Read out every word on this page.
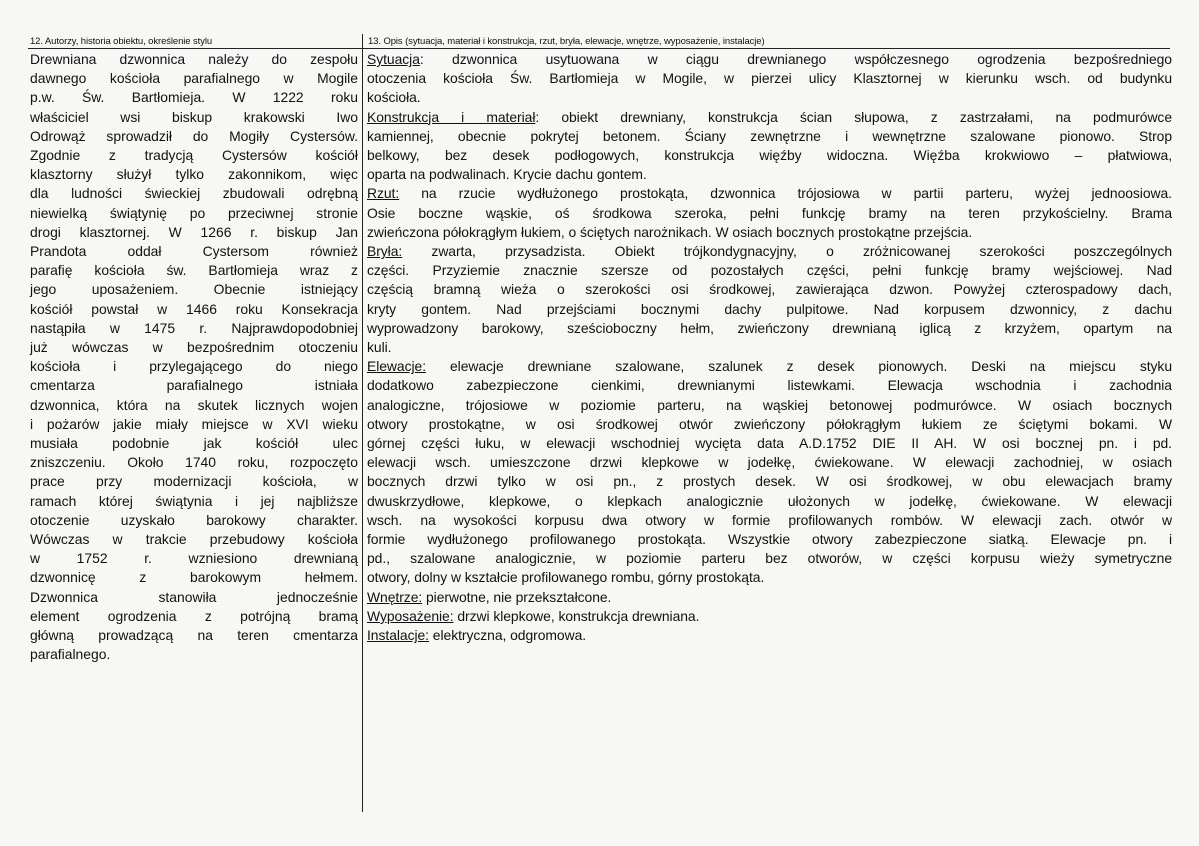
12. Autorzy, historia obiektu, określenie stylu	13. Opis (sytuacja, materiał i konstrukcja, rzut, bryła, elewacje, wnętrze, wyposażenie, instalacje)
Drewniana dzwonnica należy do zespołu
dawnego kościoła parafialnego w Mogile
p.w. Św. Bartłomieja. W 1222 roku
właściciel wsi biskup krakowski Iwo
Odrowąż sprowadził do Mogiły Cystersów.
Zgodnie z tradycją Cystersów kościół
klasztorny służył tylko zakonnikom, więc
dla ludności świeckiej zbudowali odrębną
niewielką świątynię po przeciwnej stronie
drogi klasztornej. W 1266 r. biskup Jan
Prandota oddał Cystersom również
parafię kościoła św. Bartłomieja wraz z
jego uposażeniem. Obecnie istniejący
kościół powstał w 1466 roku Konsekracja
nastąpiła w 1475 r. Najprawdopodobniej
już wówczas w bezpośrednim otoczeniu
kościoła i przylegającego do niego
cmentarza parafialnego istniała
dzwonnica, która na skutek licznych wojen
i pożarów jakie miały miejsce w XVI wieku
musiała podobnie jak kościół ulec
zniszczeniu. Około 1740 roku, rozpoczęto
prace przy modernizacji kościoła, w
ramach której świątynia i jej najbliższe
otoczenie uzyskało barokowy charakter.
Wówczas w trakcie przebudowy kościoła
w 1752 r. wzniesiono drewnianą
dzwonnicę z barokowym hełmem.
Dzwonnica stanowiła jednocześnie
element ogrodzenia z potrójną bramą
główną prowadzącą na teren cmentarza
parafialnego.
Sytuacja: dzwonnica usytuowana w ciągu drewnianego współczesnego ogrodzenia bezpośredniego
otoczenia kościoła Św. Bartłomieja w Mogile, w pierzei ulicy Klasztornej w kierunku wsch. od budynku
kościoła.
Konstrukcja i materiał: obiekt drewniany, konstrukcja ścian słupowa, z zastrzałami, na podmurówce
kamiennej, obecnie pokrytej betonem. Ściany zewnętrzne i wewnętrzne szalowane pionowo. Strop
belkowy, bez desek podłogowych, konstrukcja więźby widoczna. Więźba krokwiowo – płatwiowa,
oparta na podwalinach. Krycie dachu gontem.
Rzut: na rzucie wydłużonego prostokąta, dzwonnica trójosiowa w partii parteru, wyżej jednoosiowa.
Osie boczne wąskie, oś środkowa szeroka, pełni funkcję bramy na teren przykościelny. Brama
zwieńczona półokrągłym łukiem, o ściętych narożnikach. W osiach bocznych prostokątne przejścia.
Bryła: zwarta, przysadzista. Obiekt trójkondygnacyjny, o zróżnicowanej szerokości poszczególnych
części. Przyziemie znacznie szersze od pozostałych części, pełni funkcję bramy wejściowej. Nad
częścią bramną wieża o szerokości osi środkowej, zawierająca dzwon. Powyżej czterospadowy dach,
kryty gontem. Nad przejściami bocznymi dachy pulpitowe. Nad korpusem dzwonnicy, z dachu
wyprowadzony barokowy, sześcioboczny hełm, zwieńczony drewnianą iglicą z krzyżem, opartym na
kuli.
Elewacje: elewacje drewniane szalowane, szalunek z desek pionowych. Deski na miejscu styku
dodatkowo zabezpieczone cienkimi, drewnianymi listewkami. Elewacja wschodnia i zachodnia
analogiczne, trójosiowe w poziomie parteru, na wąskiej betonowej podmurówce. W osiach bocznych
otwory prostokątne, w osi środkowej otwór zwieńczony półokrągłym łukiem ze ściętymi bokami. W
górnej części łuku, w elewacji wschodniej wycięta data A.D.1752 DIE II AH. W osi bocznej pn. i pd.
elewacji wsch. umieszczone drzwi klepkowe w jodełkę, ćwiekowane. W elewacji zachodniej, w osiach
bocznych drzwi tylko w osi pn., z prostych desek. W osi środkowej, w obu elewacjach bramy
dwuskrzydłowe, klepkowe, o klepkach analogicznie ułożonych w jodełkę, ćwiekowane. W elewacji
wsch. na wysokości korpusu dwa otwory w formie profilowanych rombów. W elewacji zach. otwór w
formie wydłużonego profilowanego prostokąta. Wszystkie otwory zabezpieczone siatką. Elewacje pn. i
pd., szalowane analogicznie, w poziomie parteru bez otworów, w części korpusu wieży symetryczne
otwory, dolny w kształcie profilowanego rombu, górny prostokąta.
Wnętrze: pierwotne, nie przekształcone.
Wyposażenie: drzwi klepkowe, konstrukcja drewniana.
Instalacje: elektryczna, odgromowa.
